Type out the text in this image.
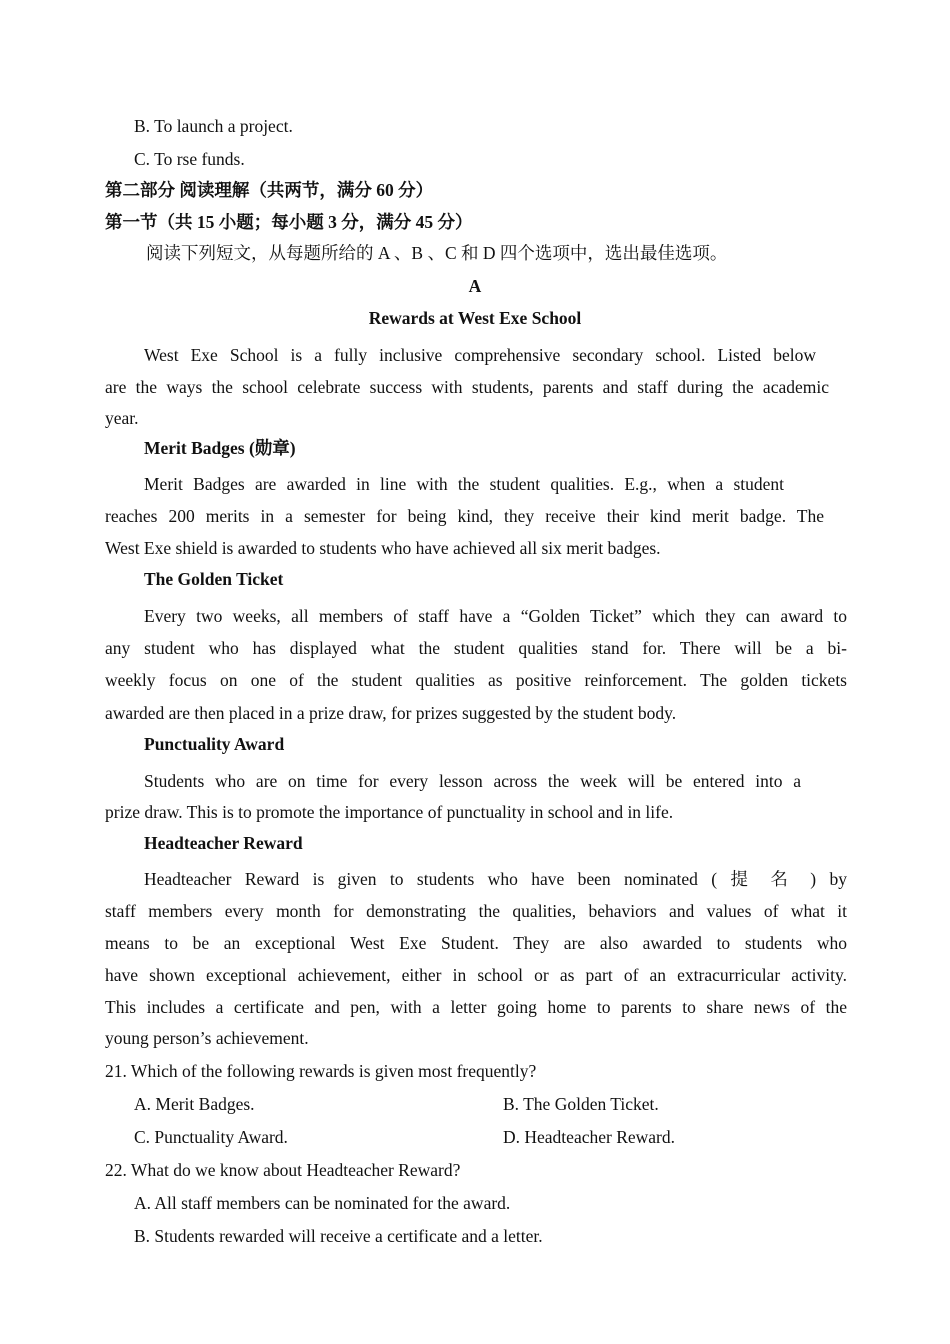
B. To launch a project.
C. To rse funds.
第二部分 阅读理解（共两节，满分 60 分）
第一节（共 15 小题；每小题 3 分，满分 45 分）
阅读下列短文，从每题所给的 A 、B 、C 和 D 四个选项中，选出最佳选项。
A
Rewards at West Exe School
West Exe School is a fully inclusive comprehensive secondary school. Listed below
are the ways the school celebrate success with students, parents and staff during the academic
year.
Merit Badges (勋章)
Merit Badges are awarded in line with the student qualities. E.g., when a student
reaches 200 merits in a semester for being kind, they receive their kind merit badge. The
West Exe shield is awarded to students who have achieved all six merit badges.
The Golden Ticket
Every two weeks, all members of staff have a “Golden Ticket” which they can award to
any student who has displayed what the student qualities stand for. There will be a bi-
weekly focus on one of the student qualities as positive reinforcement. The golden tickets
awarded are then placed in a prize draw, for prizes suggested by the student body.
Punctuality Award
Students who are on time for every lesson across the week will be entered into a
prize draw. This is to promote the importance of punctuality in school and in life.
Headteacher Reward
Headteacher Reward is given to students who have been nominated ( 提 名 ) by
staff members every month for demonstrating the qualities, behaviors and values of what it
means to be an exceptional West Exe Student. They are also awarded to students who
have shown exceptional achievement, either in school or as part of an extracurricular activity.
This includes a certificate and pen, with a letter going home to parents to share news of the
young person’s achievement.
21. Which of the following rewards is given most frequently?
A. Merit Badges.	B. The Golden Ticket.
C. Punctuality Award.	D. Headteacher Reward.
22. What do we know about Headteacher Reward?
A. All staff members can be nominated for the award.
B. Students rewarded will receive a certificate and a letter.
